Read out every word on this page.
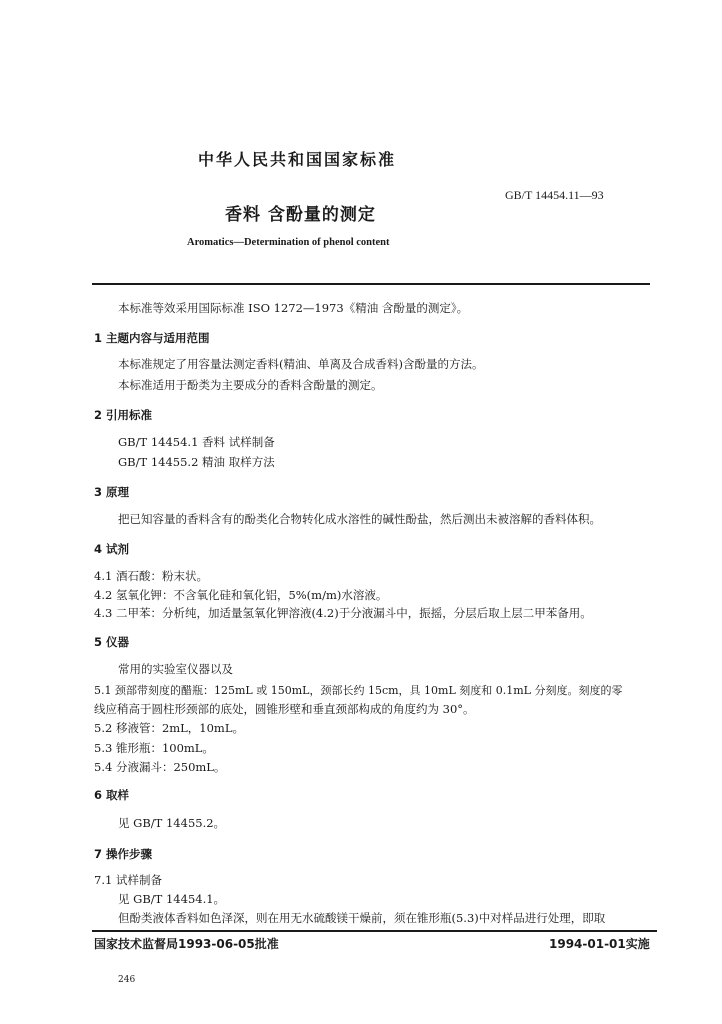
中华人民共和国国家标准
GB/T 14454.11—93
香料 含酚量的测定
Aromatics—Determination of phenol content
本标准等效采用国际标准 ISO 1272—1973《精油 含酚量的测定》。
1 主题内容与适用范围
本标准规定了用容量法测定香料(精油、单离及合成香料)含酚量的方法。
本标准适用于酚类为主要成分的香料含酚量的测定。
2 引用标准
GB/T 14454.1 香料 试样制备
GB/T 14455.2 精油 取样方法
3 原理
把已知容量的香料含有的酚类化合物转化成水溶性的碱性酚盐，然后测出未被溶解的香料体积。
4 试剂
4.1 酒石酸：粉末状。
4.2 氢氧化钾：不含氧化硅和氧化铝，5%(m/m)水溶液。
4.3 二甲苯：分析纯，加适量氢氧化钾溶液(4.2)于分液漏斗中，振摇，分层后取上层二甲苯备用。
5 仪器
常用的实验室仪器以及
5.1 颈部带刻度的醋瓶：125mL 或 150mL，颈部长约 15cm，具 10mL 刻度和 0.1mL 分刻度。刻度的零
线应稍高于圆柱形颈部的底处，圆锥形壁和垂直颈部构成的角度约为 30°。
5.2 移液管：2mL，10mL。
5.3 锥形瓶：100mL。
5.4 分液漏斗：250mL。
6 取样
见 GB/T 14455.2。
7 操作步骤
7.1 试样制备
见 GB/T 14454.1。
但酚类液体香料如色泽深，则在用无水硫酸镁干燥前，须在锥形瓶(5.3)中对样品进行处理，即取
国家技术监督局1993-06-05批准	1994-01-01实施
246
